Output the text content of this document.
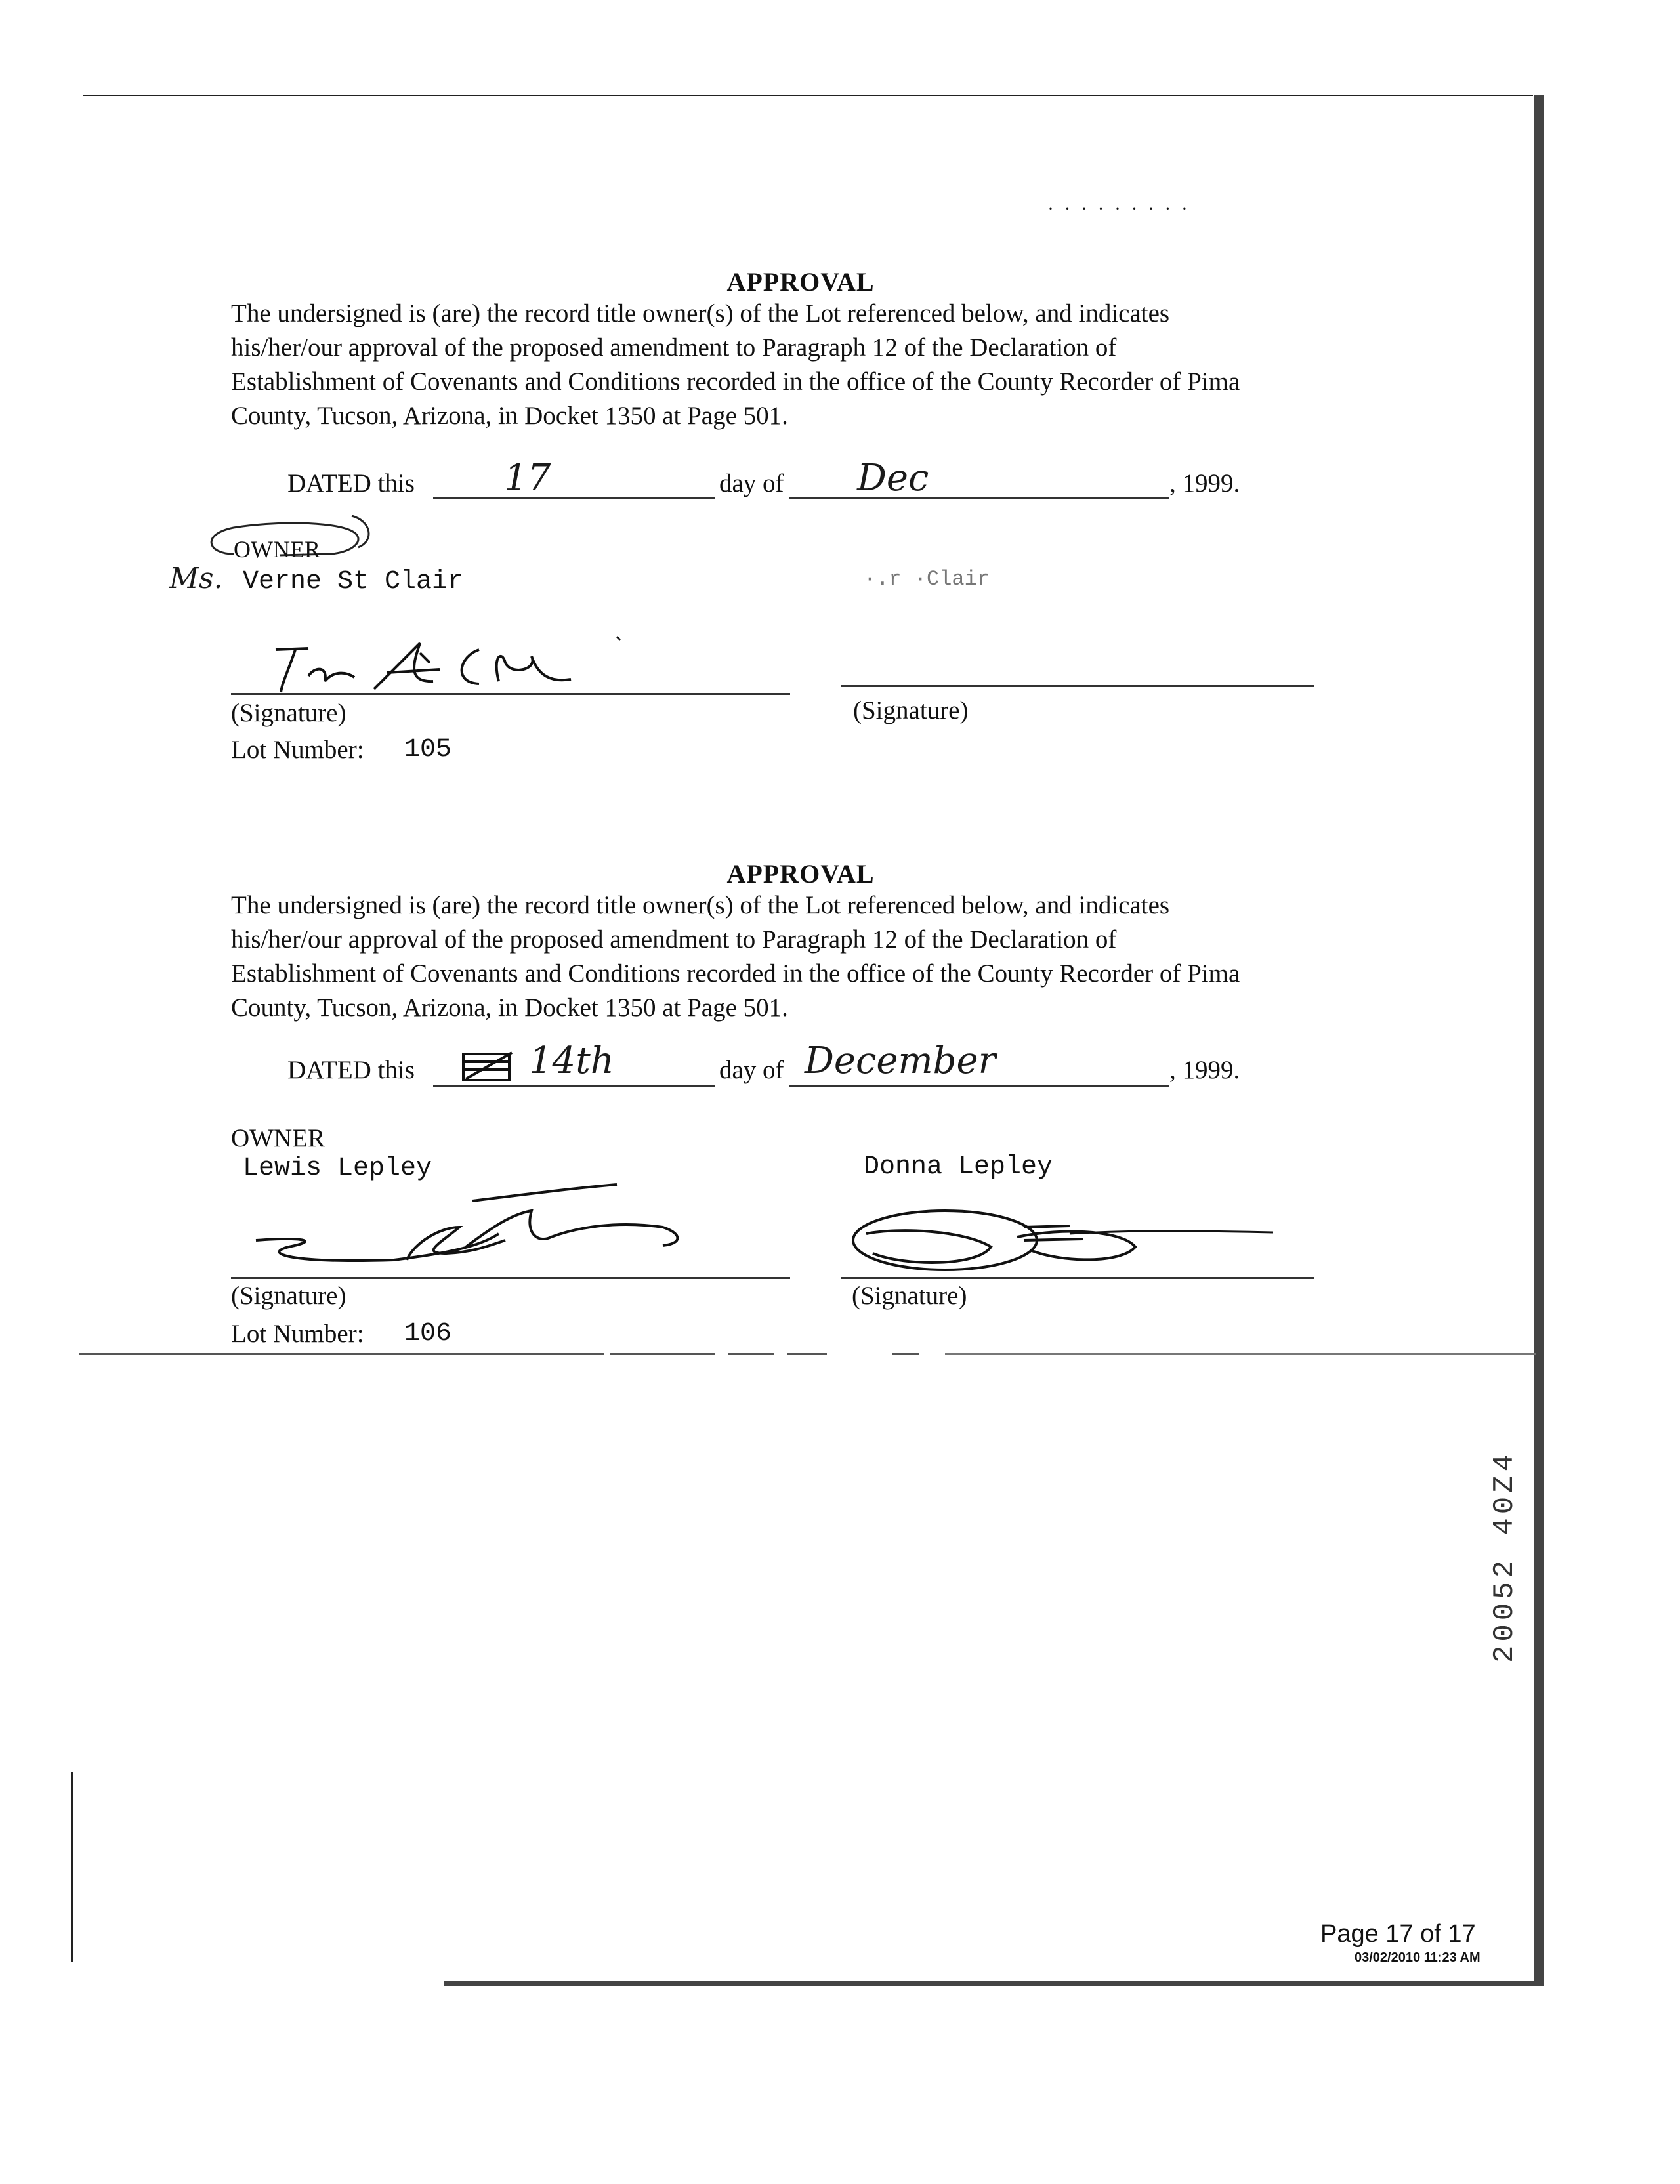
· · · · · · · · ·
APPROVAL
The undersigned is (are) the record title owner(s) of the Lot referenced below, and indicates
his/her/our approval of the proposed amendment to Paragraph 12 of the Declaration of
Establishment of Covenants and Conditions recorded in the office of the County Recorder of Pima
County, Tucson, Arizona, in Docket 1350 at Page 501.
DATED this 17	day of Dec	, 1999.
OWNER
Ms. Verne St Clair	·.r ·Clair
(Signature)	(Signature)
Lot Number: 105
APPROVAL
The undersigned is (are) the record title owner(s) of the Lot referenced below, and indicates
his/her/our approval of the proposed amendment to Paragraph 12 of the Declaration of
Establishment of Covenants and Conditions recorded in the office of the County Recorder of Pima
County, Tucson, Arizona, in Docket 1350 at Page 501.
DATED this	14th	day of December	, 1999.
OWNER
Lewis Lepley	Donna Lepley
(Signature)	(Signature)
Lot Number: 106
20052 40Z4
Page 17 of 17
03/02/2010 11:23 AM
